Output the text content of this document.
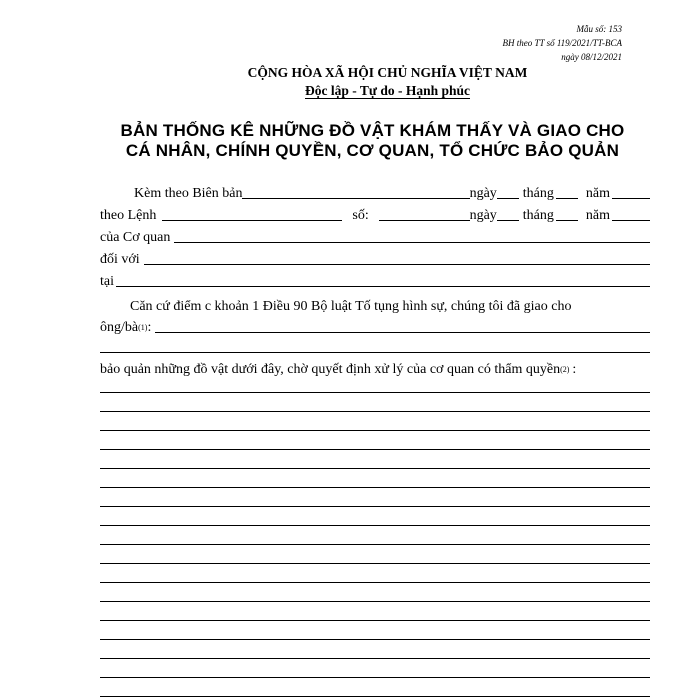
Mẫu số: 153
BH theo TT số 119/2021/TT-BCA
ngày 08/12/2021
CỘNG HÒA XÃ HỘI CHỦ NGHĨA VIỆT NAM
Độc lập - Tự do - Hạnh phúc
BẢN THỐNG KÊ NHỮNG ĐỒ VẬT KHÁM THẤY VÀ GIAO CHO
CÁ NHÂN, CHÍNH QUYỀN, CƠ QUAN, TỔ CHỨC BẢO QUẢN
Kèm theo Biên bản	ngày tháng năm
theo Lệnh	số:	ngày tháng năm
của Cơ quan
đối với
tại
Căn cứ điểm c khoản 1 Điều 90 Bộ luật Tố tụng hình sự, chúng tôi đã giao cho
ông/bà (1) :
bảo quản những đồ vật dưới đây, chờ quyết định xử lý của cơ quan có thẩm quyền (2) :
